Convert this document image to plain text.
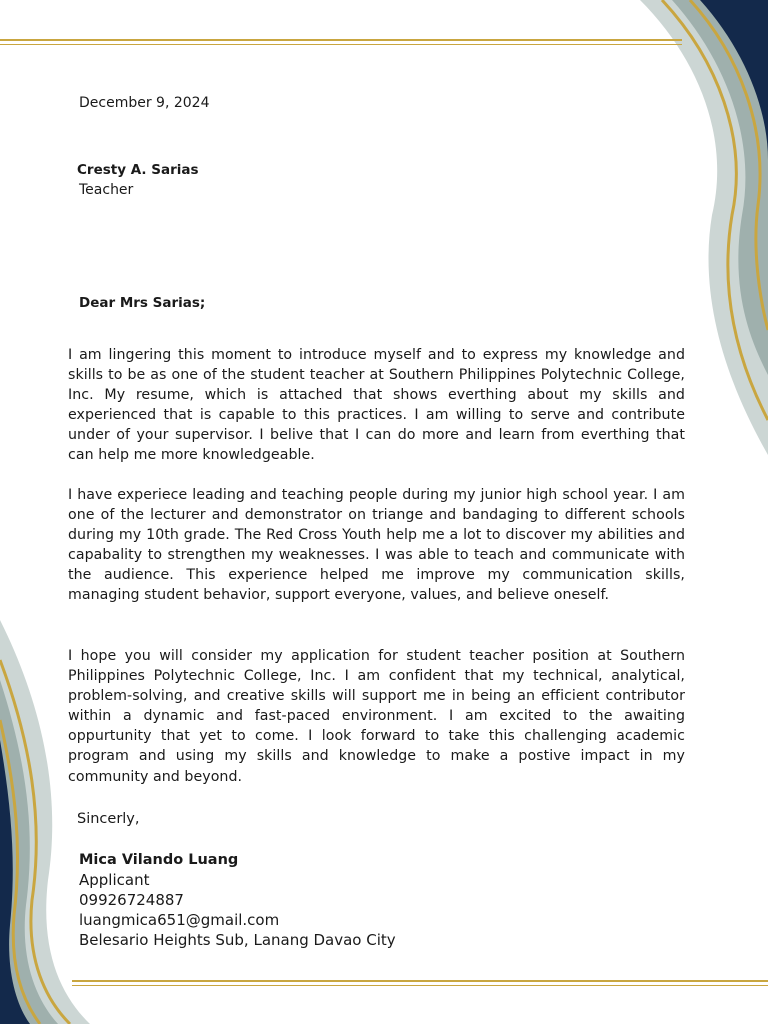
December 9, 2024
Cresty A. Sarias
Teacher
Dear Mrs Sarias;
I am lingering this moment to introduce myself and to express my knowledge and skills to be as one of the student teacher at Southern Philippines Polytechnic College, Inc. My resume, which is attached that shows everthing about my skills and experienced that is capable to this practices. I am willing to serve and contribute under of your supervisor. I belive that I can do more and learn from everthing that can help me more knowledgeable.
I have experiece leading and teaching people during my junior high school year. I am one of the lecturer and demonstrator on triange and bandaging to different schools during my 10th grade. The Red Cross Youth help me a lot to discover my abilities and capabality to strengthen my weaknesses. I was able to teach and communicate with the audience. This experience helped me improve my communication skills, managing student behavior, support everyone, values, and believe oneself.
I hope you will consider my application for student teacher position at Southern Philippines Polytechnic College, Inc. I am confident that my technical, analytical, problem-solving, and creative skills will support me in being an efficient contributor within a dynamic and fast-paced environment. I am excited to the awaiting oppurtunity that yet to come. I look forward to take this challenging academic program and using my skills and knowledge to make a postive impact in my community and beyond.
Sincerly,
Mica Vilando Luang
Applicant
09926724887
luangmica651@gmail.com
Belesario Heights Sub, Lanang Davao City
